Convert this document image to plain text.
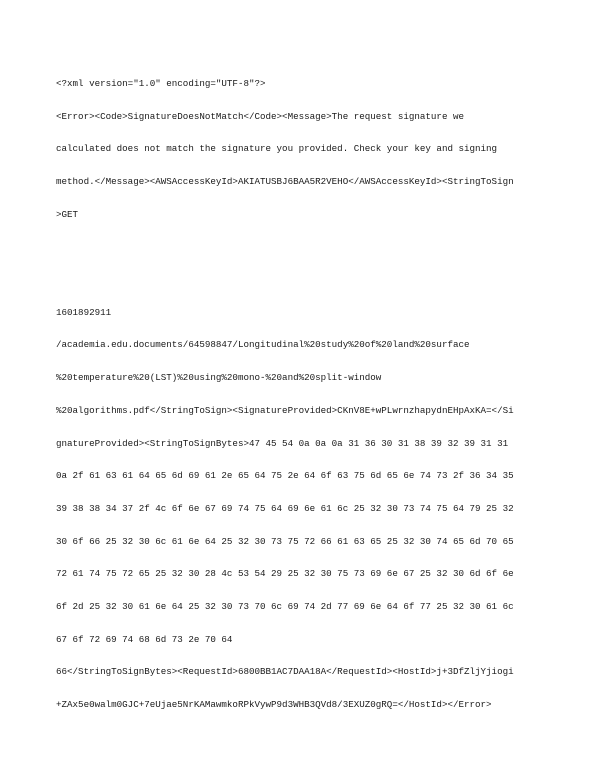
<?xml version="1.0" encoding="UTF-8"?>

<Error><Code>SignatureDoesNotMatch</Code><Message>The request signature we

calculated does not match the signature you provided. Check your key and signing

method.</Message><AWSAccessKeyId>AKIATUSBJ6BAA5R2VEHO</AWSAccessKeyId><StringToSign

>GET

1601892911

/academia.edu.documents/64598847/Longitudinal%20study%20of%20land%20surface

%20temperature%20(LST)%20using%20mono-%20and%20split-window

%20algorithms.pdf</StringToSign><SignatureProvided>CKnV8E+wPLwrnzhapydnEHpAxKA=</Si

gnatureProvided><StringToSignBytes>47 45 54 0a 0a 0a 31 36 30 31 38 39 32 39 31 31

0a 2f 61 63 61 64 65 6d 69 61 2e 65 64 75 2e 64 6f 63 75 6d 65 6e 74 73 2f 36 34 35

39 38 38 34 37 2f 4c 6f 6e 67 69 74 75 64 69 6e 61 6c 25 32 30 73 74 75 64 79 25 32

30 6f 66 25 32 30 6c 61 6e 64 25 32 30 73 75 72 66 61 63 65 25 32 30 74 65 6d 70 65

72 61 74 75 72 65 25 32 30 28 4c 53 54 29 25 32 30 75 73 69 6e 67 25 32 30 6d 6f 6e

6f 2d 25 32 30 61 6e 64 25 32 30 73 70 6c 69 74 2d 77 69 6e 64 6f 77 25 32 30 61 6c

67 6f 72 69 74 68 6d 73 2e 70 64

66</StringToSignBytes><RequestId>6800BB1AC7DAA18A</RequestId><HostId>j+3DfZljYjiogi

+ZAx5e0walm0GJC+7eUjae5NrKAMawmkoRPkVywP9d3WHB3QVd8/3EXUZ0gRQ=</HostId></Error>
